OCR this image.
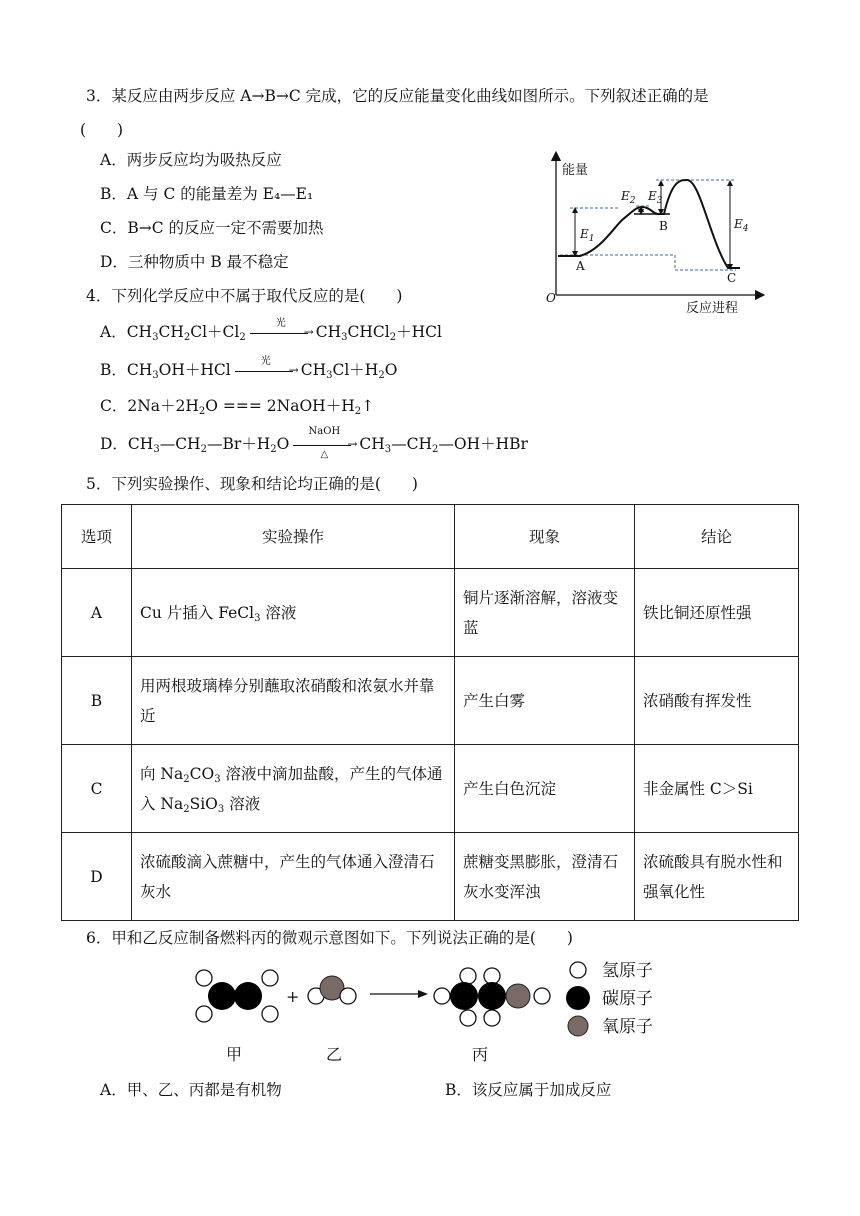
3．某反应由两步反应 A→B→C 完成，它的反应能量变化曲线如图所示。下列叙述正确的是
(　　)
A．两步反应均为吸热反应
B．A 与 C 的能量差为 E₄—E₁
C．B→C 的反应一定不需要加热
D．三种物质中 B 最不稳定
能量
反应进程
O
$E_1$
$E_2$ $E_3$
$E_4$
A
B
C
4．下列化学反应中不属于取代反应的是(　　)
A．$CH_3CH_2Cl+Cl_2$
光
→ $CH_3CHCl_2+HCl$
B．$CH_3OH+HCl$	光
→ $CH_3Cl+H_2O$
C．$2Na+2H_2O$ === $2NaOH+H_2↑$
D．$CH_3—CH_2—Br+H_2O$
NaOH
→
△
$CH_3—CH_2—OH+HBr$
5．下列实验操作、现象和结论均正确的是(　　)
选项	实验操作	现象	结论
A	Cu 片插入 FeCl$_3$ 溶液	铜片逐渐溶解，溶液变蓝	铁比铜还原性强
B	用两根玻璃棒分别蘸取浓硝酸和浓氨水并靠近	产生白雾	浓硝酸有挥发性
C	向 $Na_2CO_3$ 溶液中滴加盐酸，产生的气体通入 $Na_2SiO_3$ 溶液	产生白色沉淀	非金属性 C＞Si
D	浓硫酸滴入蔗糖中，产生的气体通入澄清石灰水	蔗糖变黑膨胀，澄清石灰水变浑浊	浓硫酸具有脱水性和强氧化性
6．甲和乙反应制备燃料丙的微观示意图如下。下列说法正确的是(　　)
+
甲	乙	丙
氢原子
碳原子
氧原子
A．甲、乙、丙都是有机物	B．该反应属于加成反应
